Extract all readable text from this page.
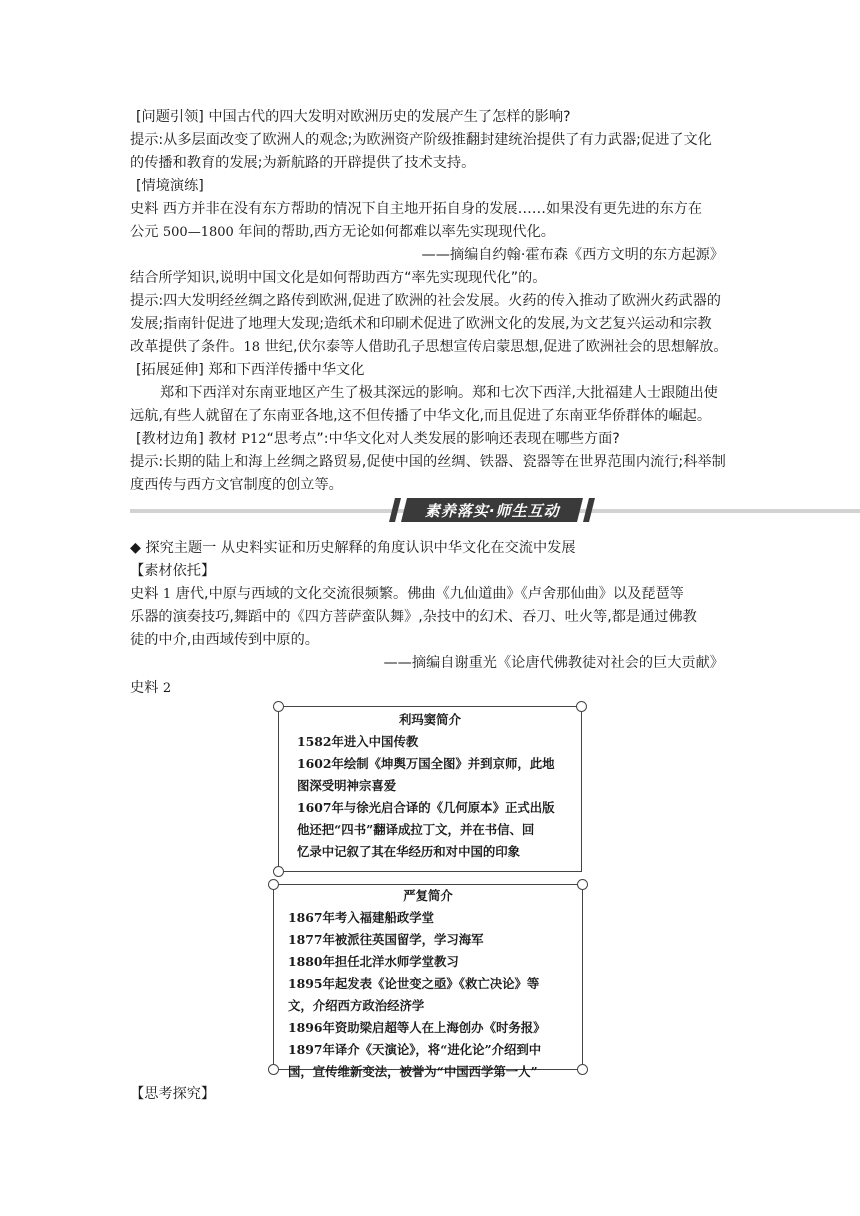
[问题引领] 中国古代的四大发明对欧洲历史的发展产生了怎样的影响?
提示:从多层面改变了欧洲人的观念;为欧洲资产阶级推翻封建统治提供了有力武器;促进了文化
的传播和教育的发展;为新航路的开辟提供了技术支持。
[情境演练]
史料 西方并非在没有东方帮助的情况下自主地开拓自身的发展……如果没有更先进的东方在
公元 500—1800 年间的帮助,西方无论如何都难以率先实现现代化。
——摘编自约翰·霍布森《西方文明的东方起源》
结合所学知识,说明中国文化是如何帮助西方“率先实现现代化”的。
提示:四大发明经丝绸之路传到欧洲,促进了欧洲的社会发展。火药的传入推动了欧洲火药武器的
发展;指南针促进了地理大发现;造纸术和印刷术促进了欧洲文化的发展,为文艺复兴运动和宗教
改革提供了条件。18 世纪,伏尔泰等人借助孔子思想宣传启蒙思想,促进了欧洲社会的思想解放。
[拓展延伸] 郑和下西洋传播中华文化
郑和下西洋对东南亚地区产生了极其深远的影响。郑和七次下西洋,大批福建人士跟随出使
远航,有些人就留在了东南亚各地,这不但传播了中华文化,而且促进了东南亚华侨群体的崛起。
[教材边角] 教材 P12“思考点”:中华文化对人类发展的影响还表现在哪些方面?
提示:长期的陆上和海上丝绸之路贸易,促使中国的丝绸、铁器、瓷器等在世界范围内流行;科举制
度西传与西方文官制度的创立等。
素养落实·师生互动
◆ 探究主题一 从史料实证和历史解释的角度认识中华文化在交流中发展
【素材依托】
史料 1 唐代,中原与西域的文化交流很频繁。佛曲《九仙道曲》《卢舍那仙曲》以及琵琶等
乐器的演奏技巧,舞蹈中的《四方菩萨蛮队舞》,杂技中的幻术、吞刀、吐火等,都是通过佛教
徒的中介,由西域传到中原的。
——摘编自谢重光《论唐代佛教徒对社会的巨大贡献》
史料 2
利玛窦简介
1582年进入中国传教
1602年绘制《坤舆万国全图》并到京师，此地
图深受明神宗喜爱
1607年与徐光启合译的《几何原本》正式出版
他还把“四书”翻译成拉丁文，并在书信、回
忆录中记叙了其在华经历和对中国的印象
严复简介
1867年考入福建船政学堂
1877年被派往英国留学，学习海军
1880年担任北洋水师学堂教习
1895年起发表《论世变之亟》《救亡决论》等
文，介绍西方政治经济学
1896年资助梁启超等人在上海创办《时务报》
1897年译介《天演论》，将“进化论”介绍到中
国，宣传维新变法，被誉为“中国西学第一人”
【思考探究】
